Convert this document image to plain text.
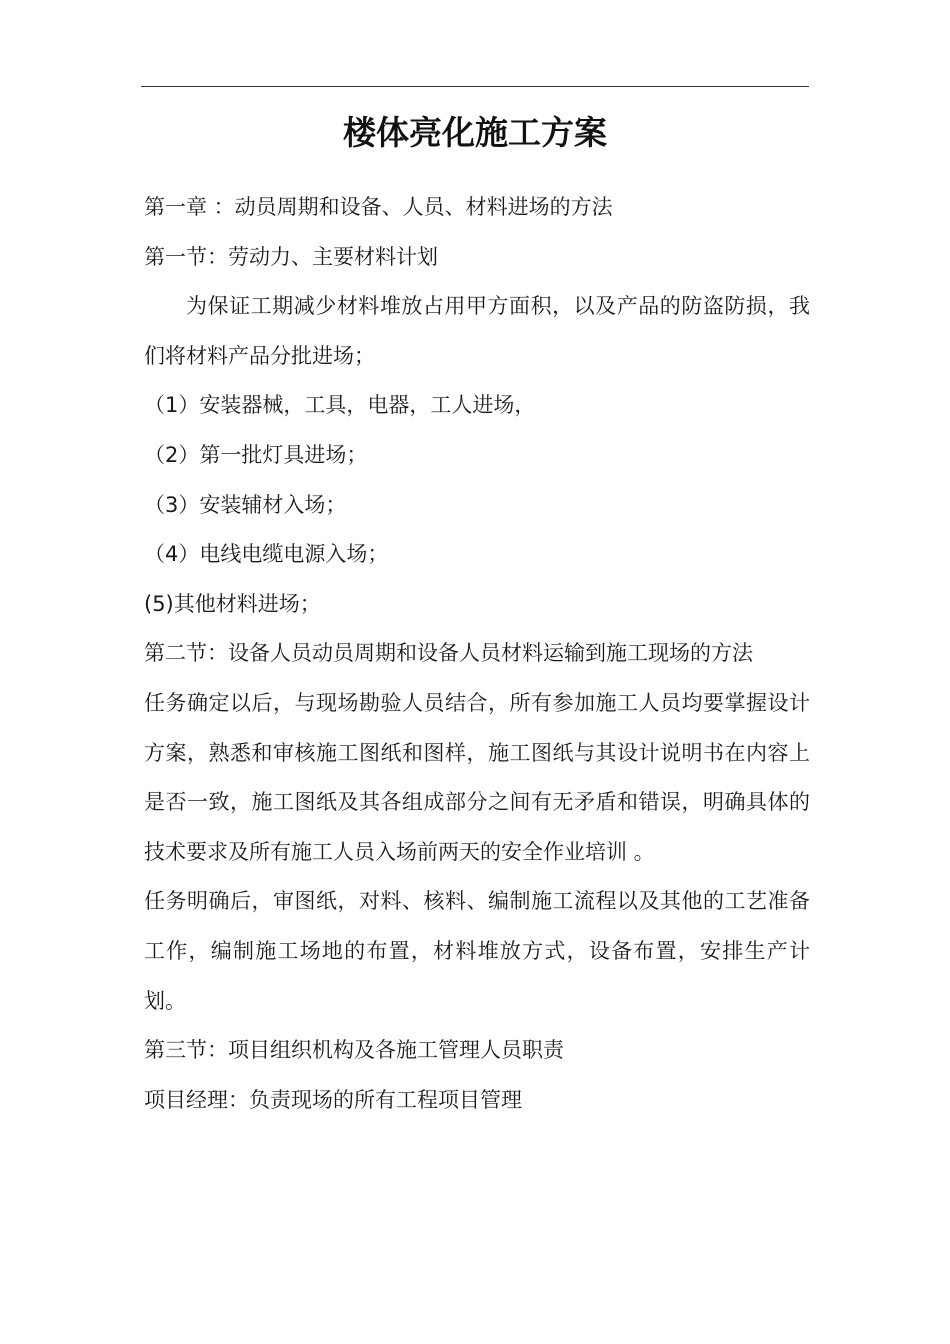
楼体亮化施工方案

第一章 ：动员周期和设备、人员、材料进场的方法

第一节：劳动力、主要材料计划

为保证工期减少材料堆放占用甲方面积，以及产品的防盗防损，我们将材料产品分批进场；

（1）安装器械，工具，电器，工人进场，

（2）第一批灯具进场；

（3）安装辅材入场；

（4）电线电缆电源入场；

(5)其他材料进场；

第二节：设备人员动员周期和设备人员材料运输到施工现场的方法

任务确定以后，与现场勘验人员结合，所有参加施工人员均要掌握设计方案，熟悉和审核施工图纸和图样，施工图纸与其设计说明书在内容上是否一致，施工图纸及其各组成部分之间有无矛盾和错误，明确具体的技术要求及所有施工人员入场前两天的安全作业培训 。

任务明确后，审图纸，对料、核料、编制施工流程以及其他的工艺准备工作，编制施工场地的布置，材料堆放方式，设备布置，安排生产计划。

第三节：项目组织机构及各施工管理人员职责

项目经理：负责现场的所有工程项目管理
